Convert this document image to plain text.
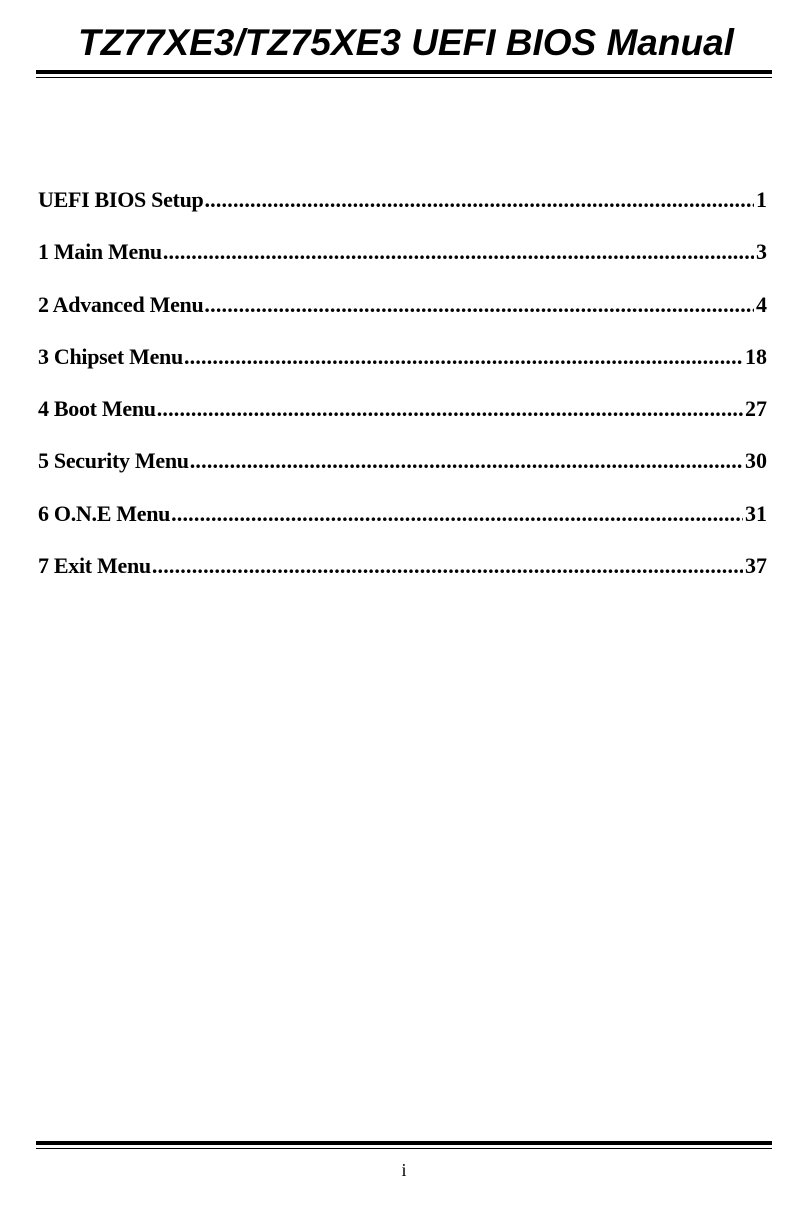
TZ77XE3/TZ75XE3 UEFI BIOS Manual
UEFI BIOS Setup .....	1
1 Main Menu .....	3
2 Advanced Menu .....	4
3 Chipset Menu .....	18
4 Boot Menu .....	27
5 Security Menu .....	30
6 O.N.E Menu .....	31
7 Exit Menu .....	37
i
